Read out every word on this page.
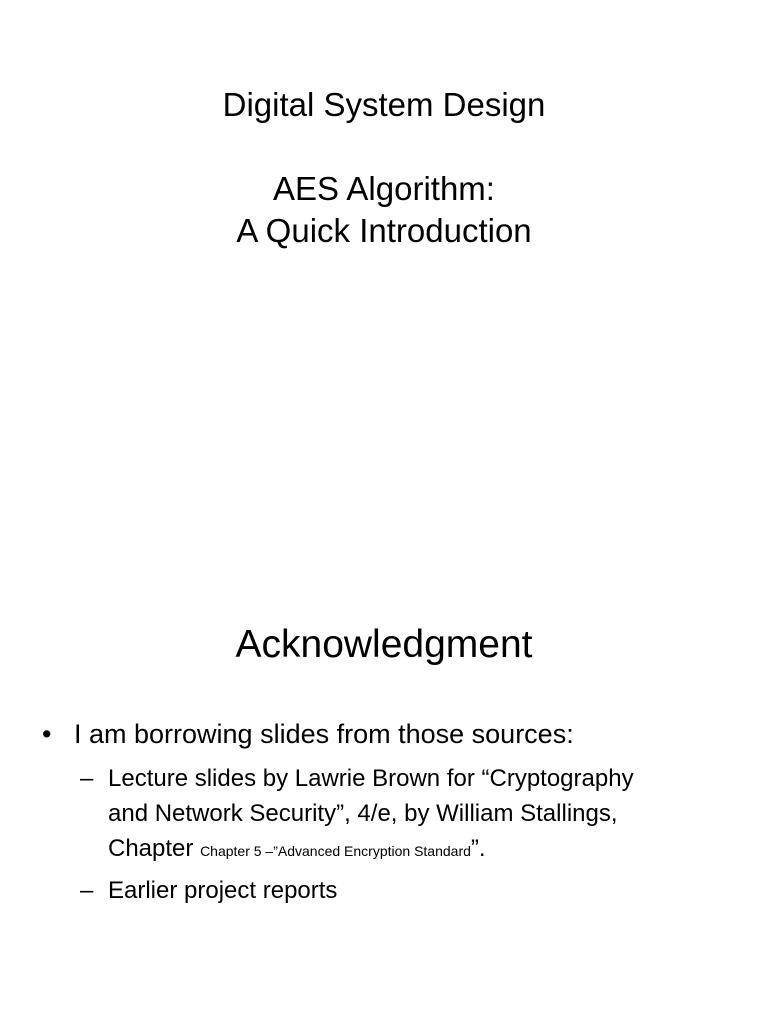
Digital System Design
AES Algorithm:
A Quick Introduction
Acknowledgment
• I am borrowing slides from those sources:
– Lecture slides by Lawrie Brown for “Cryptography
and Network Security”, 4/e, by William Stallings,
Chapter Chapter 5 –”Advanced Encryption Standard”.
– Earlier project reports
